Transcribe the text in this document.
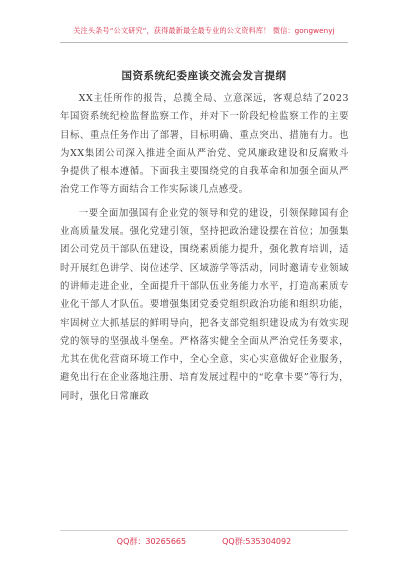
关注头条号“公文研究”，获得最新最全最专业的公文资料库！ 微信：gongwenyj
国资系统纪委座谈交流会发言提纲

XX主任所作的报告，总揽全局、立意深远，客观总结了2023年国资系统纪检监督监察工作，并对下一阶段纪检监察工作的主要目标、重点任务作出了部署，目标明确、重点突出、措施有力。也为XX集团公司深入推进全面从严治党、党风廉政建设和反腐败斗争提供了根本遵循。下面我主要围绕党的自我革命和加强全面从严治党工作等方面结合工作实际谈几点感受。

一要全面加强国有企业党的领导和党的建设，引领保障国有企业高质量发展。强化党建引领，坚持把政治建设摆在首位；加强集团公司党员干部队伍建设，围绕素质能力提升，强化教育培训，适时开展红色讲学、岗位述学、区域游学等活动，同时邀请专业领域的讲师走进企业，全面提升干部队伍业务能力水平，打造高素质专业化干部人才队伍。要增强集团党委党组织政治功能和组织功能，牢固树立大抓基层的鲜明导向，把各支部党组织建设成为有效实现党的领导的坚强战斗堡垒。严格落实健全全面从严治党任务要求，尤其在优化营商环境工作中，全心全意，实心实意做好企业服务，避免出行在企业落地注册、培育发展过程中的“吃拿卡要”等行为，同时，强化日常廉政

QQ群：30265665	QQ群:535304092
